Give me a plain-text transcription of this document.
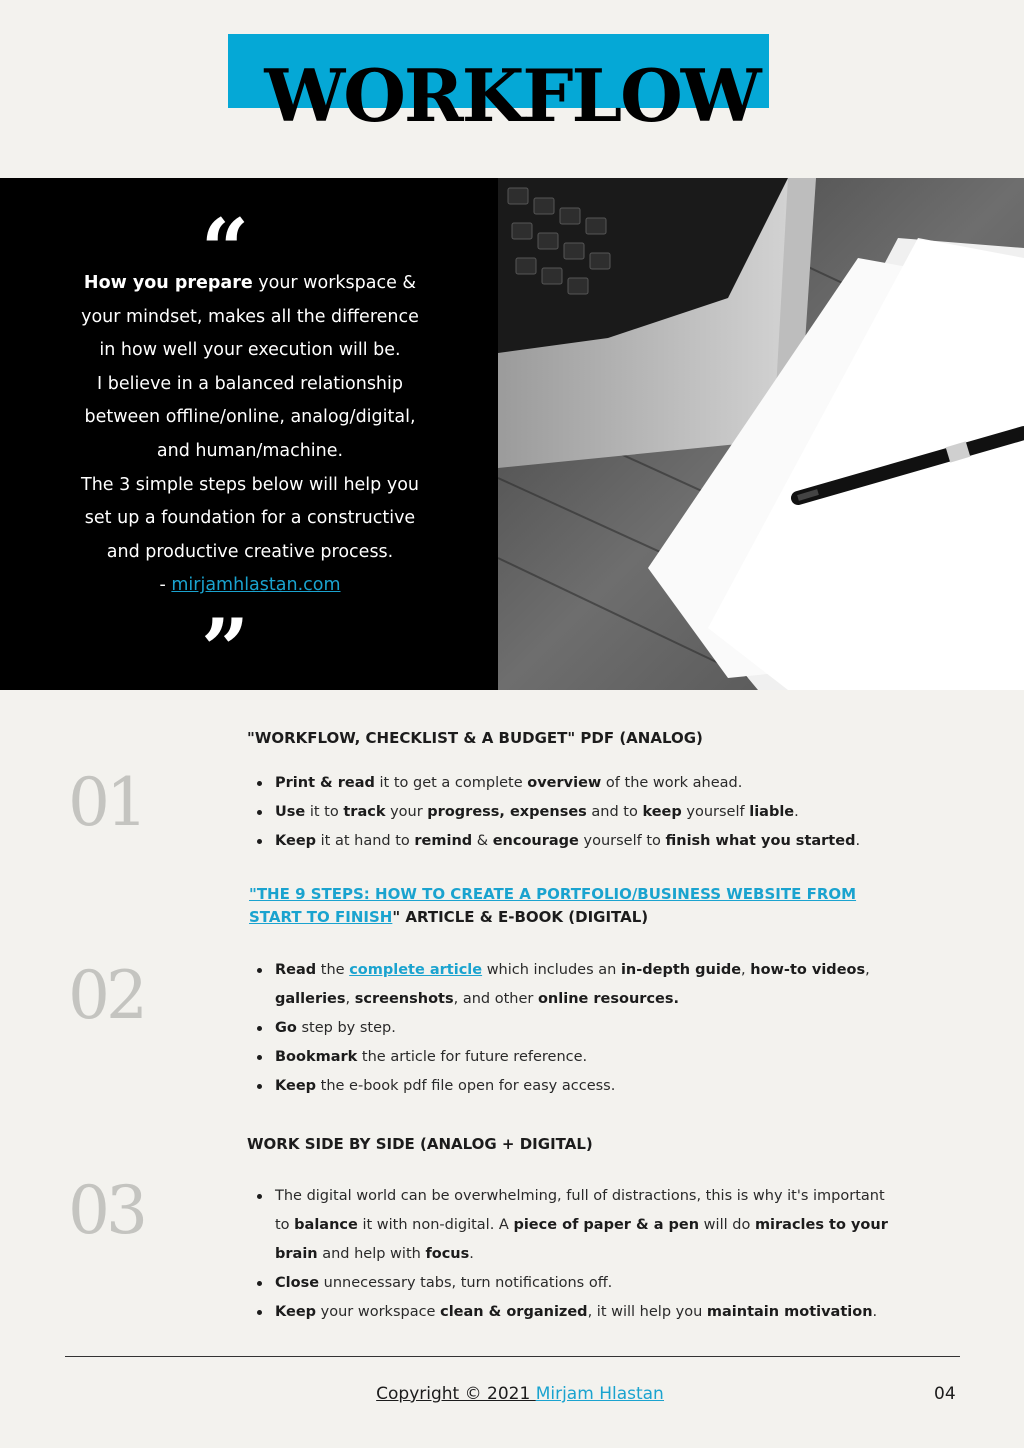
WORKFLOW
“
How you prepare your workspace &
your mindset, makes all the difference
in how well your execution will be.
I believe in a balanced relationship
between offline/online, analog/digital,
and human/machine.
The 3 simple steps below will help you
set up a foundation for a constructive
and productive creative process.
- mirjamhlastan.com
”
01
"WORKFLOW, CHECKLIST & A BUDGET" PDF (ANALOG)
Print & read it to get a complete overview of the work ahead.
Use it to track your progress, expenses and to keep yourself liable.
Keep it at hand to remind & encourage yourself to finish what you started.
02
"THE 9 STEPS: HOW TO CREATE A PORTFOLIO/BUSINESS WEBSITE FROM START TO FINISH" ARTICLE & E-BOOK (DIGITAL)
Read the complete article which includes an in-depth guide, how-to videos, galleries, screenshots, and other online resources.
Go step by step.
Bookmark the article for future reference.
Keep the e-book pdf file open for easy access.
03
WORK SIDE BY SIDE (ANALOG + DIGITAL)
The digital world can be overwhelming, full of distractions, this is why it's important to balance it with non-digital. A piece of paper & a pen will do miracles to your brain and help with focus.
Close unnecessary tabs, turn notifications off.
Keep your workspace clean & organized, it will help you maintain motivation.
Copyright © 2021 Mirjam Hlastan	04
